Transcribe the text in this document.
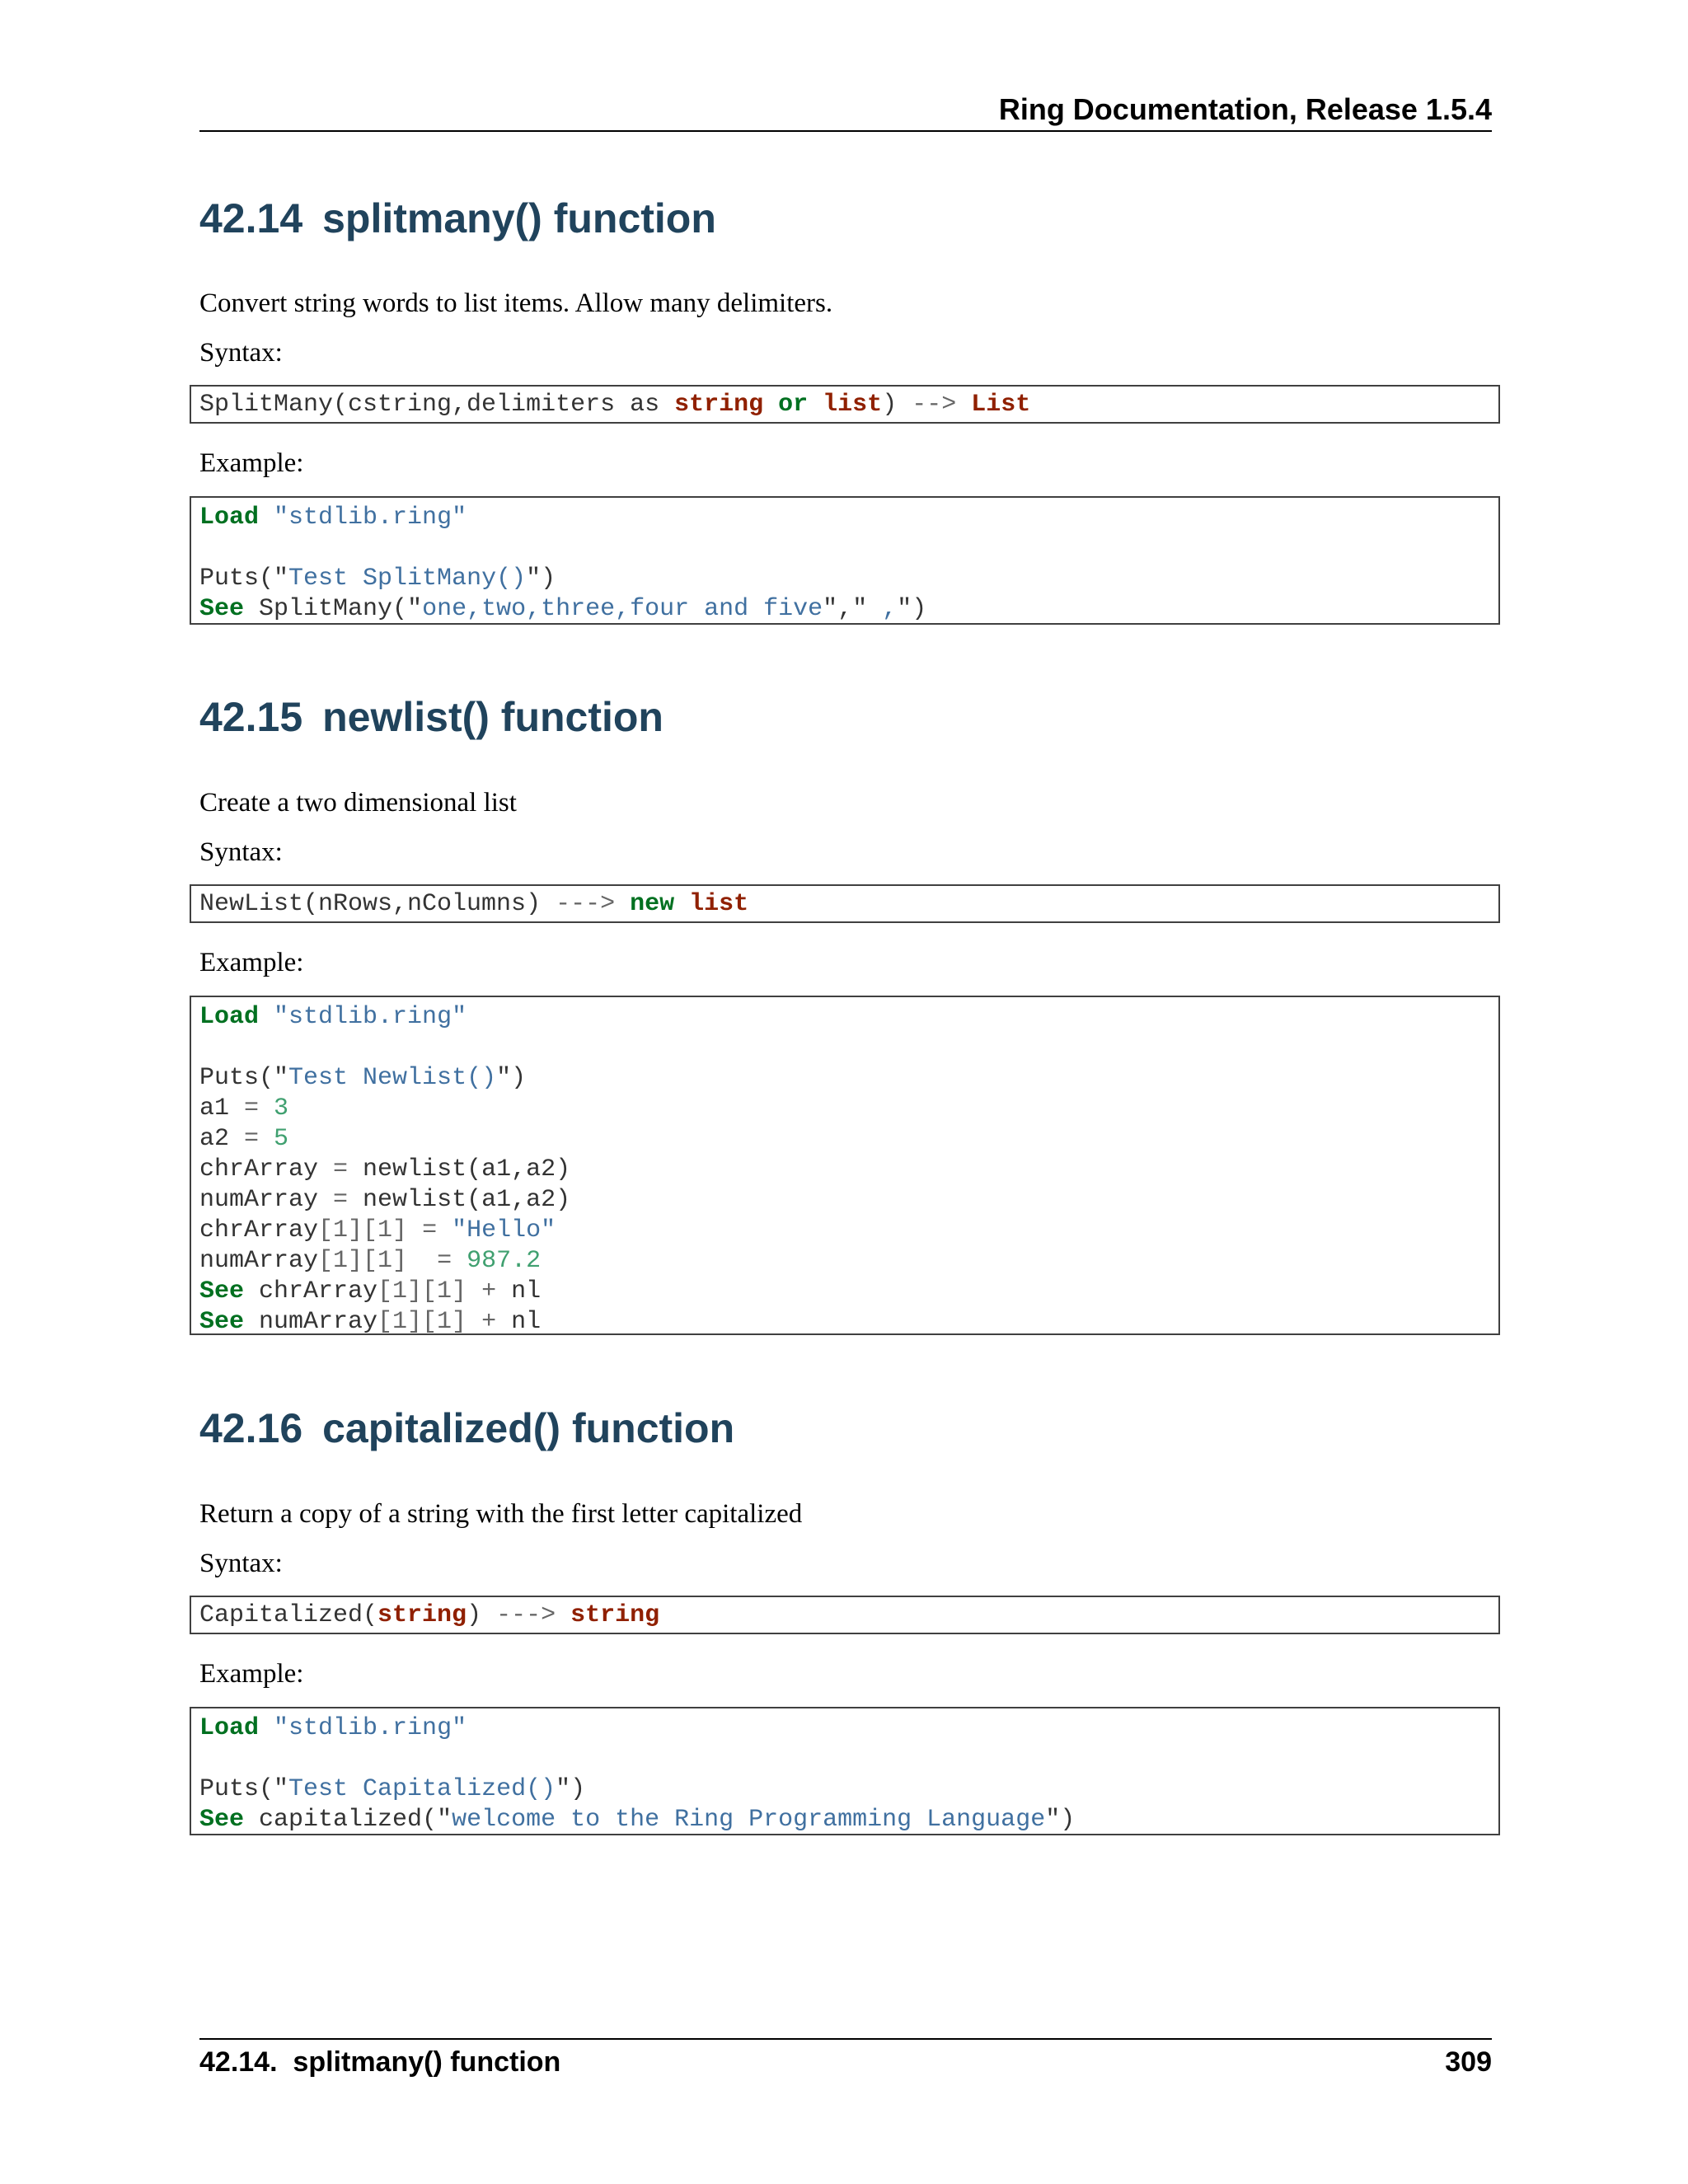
Ring Documentation, Release 1.5.4
42.14 splitmany() function

Convert string words to list items. Allow many delimiters.

Syntax:

SplitMany(cstring,delimiters as string or list) --> List

Example:

Load "stdlib.ring"
Puts("Test SplitMany()")
See SplitMany("one,two,three,four and five"," ,")
42.15 newlist() function

Create a two dimensional list

Syntax:

NewList(nRows,nColumns) ---> new list

Example:

Load "stdlib.ring"
Puts("Test Newlist()")
a1 = 3
a2 = 5
chrArray = newlist(a1,a2)
numArray = newlist(a1,a2)
chrArray[1][1] = "Hello"
numArray[1][1] = 987.2
See chrArray[1][1] + nl
See numArray[1][1] + nl
42.16 capitalized() function

Return a copy of a string with the first letter capitalized

Syntax:

Capitalized(string) ---> string

Example:

Load "stdlib.ring"
Puts("Test Capitalized()")
See capitalized("welcome to the Ring Programming Language")
42.14.  splitmany() function	309
